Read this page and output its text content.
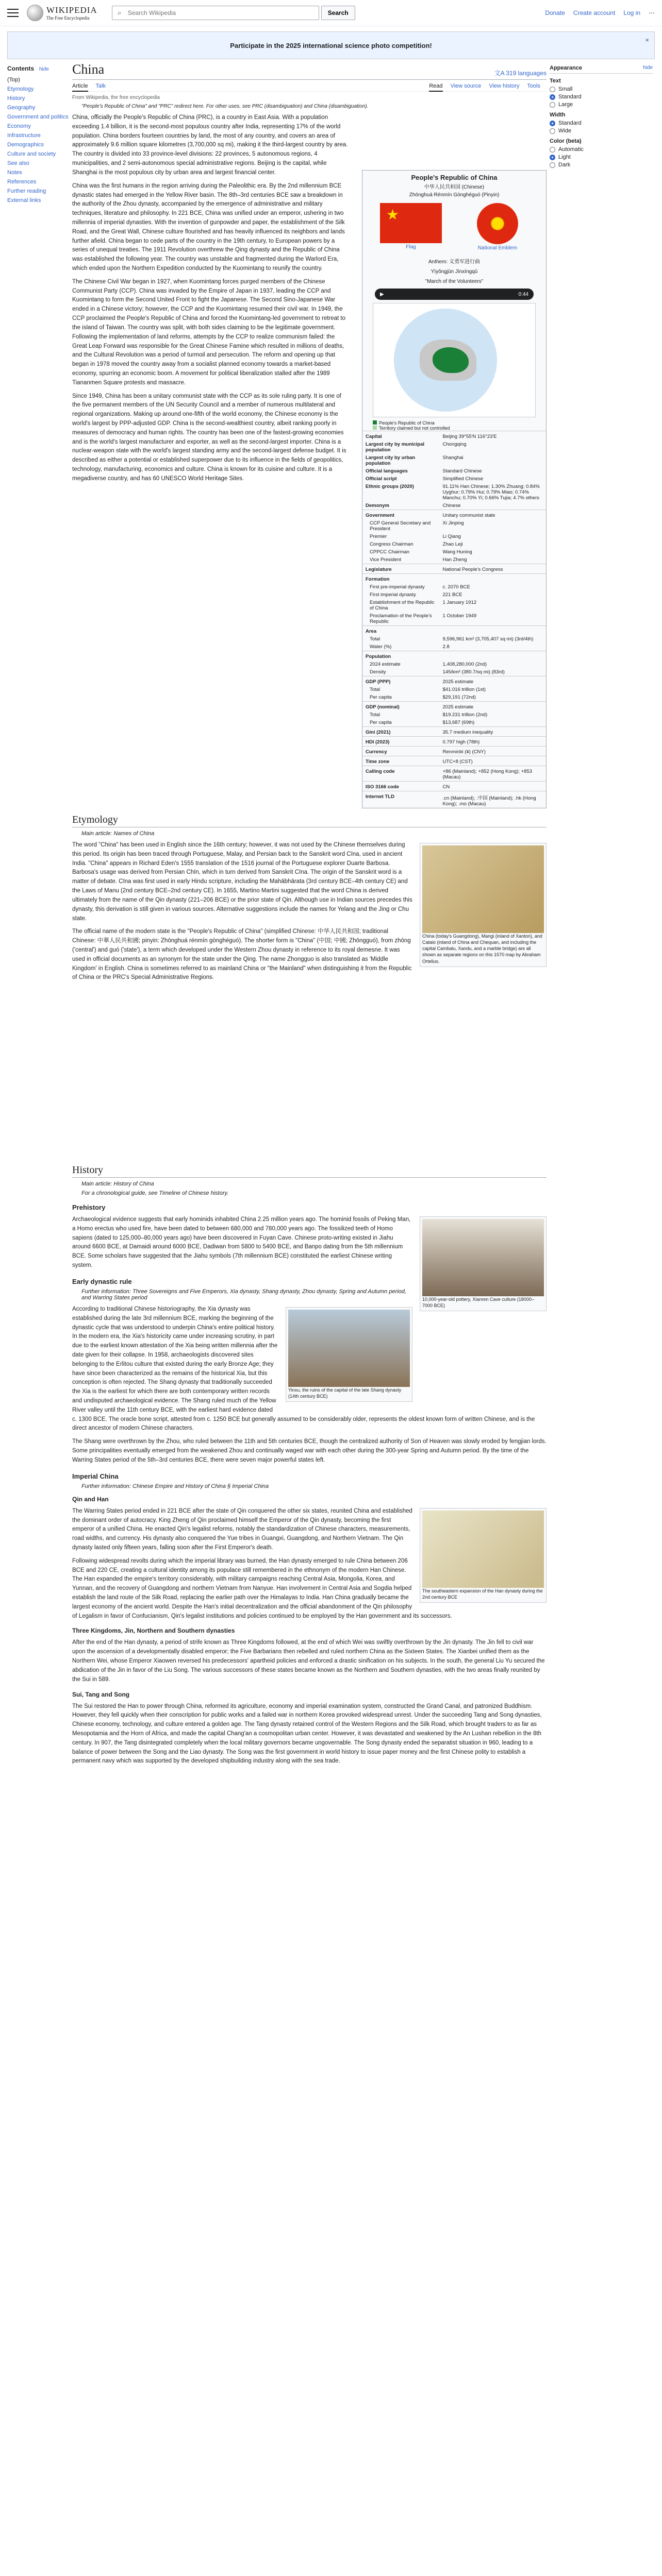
WIKIPEDIA
The Free Encyclopedia
⌕
Search Wikipedia	Search	Donate Create account Log in ⋯
Participate in the 2025 international science photo competition!
×
Contents hide
(Top)
Etymology
History
Geography
Government and politics
Economy
Infrastructure
Demographics
Culture and society
See also
Notes
References
Further reading
External links
China	文A 319 languages
Article Talk	Read View source View history Tools
From Wikipedia, the free encyclopedia
"People's Republic of China" and "PRC" redirect here. For other uses, see PRC (disambiguation) and China (disambiguation).

China, officially the People's Republic of China (PRC), is a country in East Asia. With a population exceeding 1.4 billion, it is the second-most populous country after India, representing 17% of the world population. China borders fourteen countries by land, the most of any country, and covers an area of approximately 9.6 million square kilometres (3,700,000 sq mi), making it the third-largest country by area. The country is divided into 33 province-level divisions: 22 provinces, 5 autonomous regions, 4 municipalities, and 2 semi-autonomous special administrative regions. Beijing is the capital, while Shanghai is the most populous city by urban area and largest financial center.

China was the first humans in the region arriving during the Paleolithic era. By the 2nd millennium BCE dynastic states had emerged in the Yellow River basin. The 8th–3rd centuries BCE saw a breakdown in the authority of the Zhou dynasty, accompanied by the emergence of administrative and military techniques, literature and philosophy. In 221 BCE, China was unified under an emperor, ushering in two millennia of imperial dynasties. With the invention of gunpowder and paper, the establishment of the Silk Road, and the Great Wall, Chinese culture flourished and has heavily influenced its neighbors and lands further afield. China began to cede parts of the country in the 19th century, to European powers by a series of unequal treaties. The 1911 Revolution overthrew the Qing dynasty and the Republic of China was established the following year. The country was unstable and fragmented during the Warlord Era, which ended upon the Northern Expedition conducted by the Kuomintang to reunify the country.

The Chinese Civil War began in 1927, when Kuomintang forces purged members of the Chinese Communist Party (CCP). China was invaded by the Empire of Japan in 1937, leading the CCP and Kuomintang to form the Second United Front to fight the Japanese. The Second Sino-Japanese War ended in a Chinese victory; however, the CCP and the Kuomintang resumed their civil war. In 1949, the CCP proclaimed the People's Republic of China and forced the Kuomintang-led government to retreat to the island of Taiwan. The country was split, with both sides claiming to be the legitimate government. Following the implementation of land reforms, attempts by the CCP to realize communism failed: the Great Leap Forward was responsible for the Great Chinese Famine which resulted in millions of deaths, and the Cultural Revolution was a period of turmoil and persecution. The reform and opening up that began in 1978 moved the country away from a socialist planned economy towards a market-based economy, spurring an economic boom. A movement for political liberalization stalled after the 1989 Tiananmen Square protests and massacre.

Since 1949, China has been a unitary communist state with the CCP as its sole ruling party. It is one of the five permanent members of the UN Security Council and a member of numerous multilateral and regional organizations. Making up around one-fifth of the world economy, the Chinese economy is the world's largest by PPP-adjusted GDP. China is the second-wealthiest country, albeit ranking poorly in measures of democracy and human rights. The country has been one of the fastest-growing economies and is the world's largest manufacturer and exporter, as well as the second-largest importer. China is a nuclear-weapon state with the world's largest standing army and the second-largest defense budget. It is described as either a potential or established superpower due to its influence in the fields of geopolitics, technology, manufacturing, economics and culture. China is known for its cuisine and culture. It is a megadiverse country, and has 60 UNESCO World Heritage Sites.

People's Republic of China
中华人民共和国 (Chinese)
Zhōnghuá Rénmín Gònghéguó (Pinyin)
★
Flag	National Emblem
Anthem: 义勇军进行曲
Yìyǒngjūn Jìnxíngqǔ
"March of the Volunteers"
▶	0:44
People's Republic of China
Territory claimed but not controlled
Capital	Beijing 39°55′N 116°23′E
Largest city by municipal population	Chongqing
Largest city by urban population	Shanghai
Official languages	Standard Chinese
Official script	Simplified Chinese
Ethnic groups (2020)	91.11% Han Chinese; 1.30% Zhuang; 0.84% Uyghur; 0.79% Hui; 0.79% Miao; 0.74% Manchu; 0.70% Yi; 0.66% Tujia; 4.7% others
Demonym	Chinese
Government	Unitary communist state
CCP General Secretary and President	Xi Jinping
Premier	Li Qiang
Congress Chairman	Zhao Leji
CPPCC Chairman	Wang Huning
Vice President	Han Zheng
Legislature	National People's Congress
Formation	
First pre-imperial dynasty	c. 2070 BCE
First imperial dynasty	221 BCE
Establishment of the Republic of China	1 January 1912
Proclamation of the People's Republic	1 October 1949
Area	
Total	9,596,961 km² (3,705,407 sq mi) (3rd/4th)
Water (%)	2.8
Population	
2024 estimate	1,408,280,000 (2nd)
Density	145/km² (380.7/sq mi) (83rd)
GDP (PPP)	2025 estimate
Total	$41.016 trillion (1st)
Per capita	$29,191 (72nd)
GDP (nominal)	2025 estimate
Total	$19.231 trillion (2nd)
Per capita	$13,687 (69th)
Gini (2021)	35.7 medium inequality
HDI (2023)	0.797 high (78th)
Currency	Renminbi (¥) (CNY)
Time zone	UTC+8 (CST)
Calling code	+86 (Mainland); +852 (Hong Kong); +853 (Macau)
ISO 3166 code	CN
Internet TLD	.cn (Mainland); .中国 (Mainland); .hk (Hong Kong); .mo (Macau)
Etymology
Main article: Names of China
China (today's Guangdong), Mangi (inland of Xanton), and Cataio (inland of China and Chequan, and including the capital Cambalu, Xandu, and a marble bridge) are all shown as separate regions on this 1570 map by Abraham Ortelius.

The word "China" has been used in English since the 16th century; however, it was not used by the Chinese themselves during this period. Its origin has been traced through Portuguese, Malay, and Persian back to the Sanskrit word Cīna, used in ancient India. "China" appears in Richard Eden's 1555 translation of the 1516 journal of the Portuguese explorer Duarte Barbosa. Barbosa's usage was derived from Persian Chīn, which in turn derived from Sanskrit Cīna. The origin of the Sanskrit word is a matter of debate. Cīna was first used in early Hindu scripture, including the Mahābhārata (3rd century BCE–4th century CE) and the Laws of Manu (2nd century BCE–2nd century CE). In 1655, Martino Martini suggested that the word China is derived ultimately from the name of the Qin dynasty (221–206 BCE) or the prior state of Qin. Although use in Indian sources precedes this dynasty, this derivation is still given in various sources. Alternative suggestions include the names for Yelang and the Jing or Chu state.

The official name of the modern state is the "People's Republic of China" (simplified Chinese: 中华人民共和国; traditional Chinese: 中華人民共和國; pinyin: Zhōnghuá rénmín gònghéguó). The shorter form is "China" (中国; 中國; Zhōngguó), from zhōng ('central') and guó ('state'), a term which developed under the Western Zhou dynasty in reference to its royal demesne. It was used in official documents as an synonym for the state under the Qing. The name Zhongguo is also translated as 'Middle Kingdom' in English. China is sometimes referred to as mainland China or "the Mainland" when distinguishing it from the Republic of China or the PRC's Special Administrative Regions.

History
Main article: History of China
For a chronological guide, see Timeline of Chinese history.
Prehistory
10,000-year-old pottery, Xianren Cave culture (18000–7000 BCE)

Archaeological evidence suggests that early hominids inhabited China 2.25 million years ago. The hominid fossils of Peking Man, a Homo erectus who used fire, have been dated to between 680,000 and 780,000 years ago. The fossilized teeth of Homo sapiens (dated to 125,000–80,000 years ago) have been discovered in Fuyan Cave. Chinese proto-writing existed in Jiahu around 6600 BCE, at Damaidi around 6000 BCE, Dadiwan from 5800 to 5400 BCE, and Banpo dating from the 5th millennium BCE. Some scholars have suggested that the Jiahu symbols (7th millennium BCE) constituted the earliest Chinese writing system.

Early dynastic rule
Further information: Three Sovereigns and Five Emperors, Xia dynasty, Shang dynasty, Zhou dynasty, Spring and Autumn period, and Warring States period
Yinxu, the ruins of the capital of the late Shang dynasty (14th century BCE)

According to traditional Chinese historiography, the Xia dynasty was established during the late 3rd millennium BCE, marking the beginning of the dynastic cycle that was understood to underpin China's entire political history. In the modern era, the Xia's historicity came under increasing scrutiny, in part due to the earliest known attestation of the Xia being written millennia after the date given for their collapse. In 1958, archaeologists discovered sites belonging to the Erlitou culture that existed during the early Bronze Age; they have since been characterized as the remains of the historical Xia, but this conception is often rejected. The Shang dynasty that traditionally succeeded the Xia is the earliest for which there are both contemporary written records and undisputed archaeological evidence. The Shang ruled much of the Yellow River valley until the 11th century BCE, with the earliest hard evidence dated c. 1300 BCE. The oracle bone script, attested from c. 1250 BCE but generally assumed to be considerably older, represents the oldest known form of written Chinese, and is the direct ancestor of modern Chinese characters.

The Shang were overthrown by the Zhou, who ruled between the 11th and 5th centuries BCE, though the centralized authority of Son of Heaven was slowly eroded by fengjian lords. Some principalities eventually emerged from the weakened Zhou and continually waged war with each other during the 300-year Spring and Autumn period. By the time of the Warring States period of the 5th–3rd centuries BCE, there were seven major powerful states left.

Imperial China
Further information: Chinese Empire and History of China § Imperial China
Qin and Han
The southeastern expansion of the Han dynasty during the 2nd century BCE

The Warring States period ended in 221 BCE after the state of Qin conquered the other six states, reunited China and established the dominant order of autocracy. King Zheng of Qin proclaimed himself the Emperor of the Qin dynasty, becoming the first emperor of a unified China. He enacted Qin's legalist reforms, notably the standardization of Chinese characters, measurements, road widths, and currency. His dynasty also conquered the Yue tribes in Guangxi, Guangdong, and Northern Vietnam. The Qin dynasty lasted only fifteen years, falling soon after the First Emperor's death.

Following widespread revolts during which the imperial library was burned, the Han dynasty emerged to rule China between 206 BCE and 220 CE, creating a cultural identity among its populace still remembered in the ethnonym of the modern Han Chinese. The Han expanded the empire's territory considerably, with military campaigns reaching Central Asia, Mongolia, Korea, and Yunnan, and the recovery of Guangdong and northern Vietnam from Nanyue. Han involvement in Central Asia and Sogdia helped establish the land route of the Silk Road, replacing the earlier path over the Himalayas to India. Han China gradually became the largest economy of the ancient world. Despite the Han's initial decentralization and the official abandonment of the Qin philosophy of Legalism in favor of Confucianism, Qin's legalist institutions and policies continued to be employed by the Han government and its successors.

Three Kingdoms, Jin, Northern and Southern dynasties

After the end of the Han dynasty, a period of strife known as Three Kingdoms followed, at the end of which Wei was swiftly overthrown by the Jin dynasty. The Jin fell to civil war upon the ascension of a developmentally disabled emperor; the Five Barbarians then rebelled and ruled northern China as the Sixteen States. The Xianbei unified them as the Northern Wei, whose Emperor Xiaowen reversed his predecessors' apartheid policies and enforced a drastic sinification on his subjects. In the south, the general Liu Yu secured the abdication of the Jin in favor of the Liu Song. The various successors of these states became known as the Northern and Southern dynasties, with the two areas finally reunited by the Sui in 589.

Sui, Tang and Song

The Sui restored the Han to power through China, reformed its agriculture, economy and imperial examination system, constructed the Grand Canal, and patronized Buddhism. However, they fell quickly when their conscription for public works and a failed war in northern Korea provoked widespread unrest. Under the succeeding Tang and Song dynasties, Chinese economy, technology, and culture entered a golden age. The Tang dynasty retained control of the Western Regions and the Silk Road, which brought traders to as far as Mesopotamia and the Horn of Africa, and made the capital Chang'an a cosmopolitan urban center. However, it was devastated and weakened by the An Lushan rebellion in the 8th century. In 907, the Tang disintegrated completely when the local military governors became ungovernable. The Song dynasty ended the separatist situation in 960, leading to a balance of power between the Song and the Liao dynasty. The Song was the first government in world history to issue paper money and the first Chinese polity to establish a permanent navy which was supported by the developed shipbuilding industry along with the sea trade.

Appearance	hide
Text
Small
Standard
Large
Width
Standard
Wide
Color (beta)
Automatic
Light
Dark
